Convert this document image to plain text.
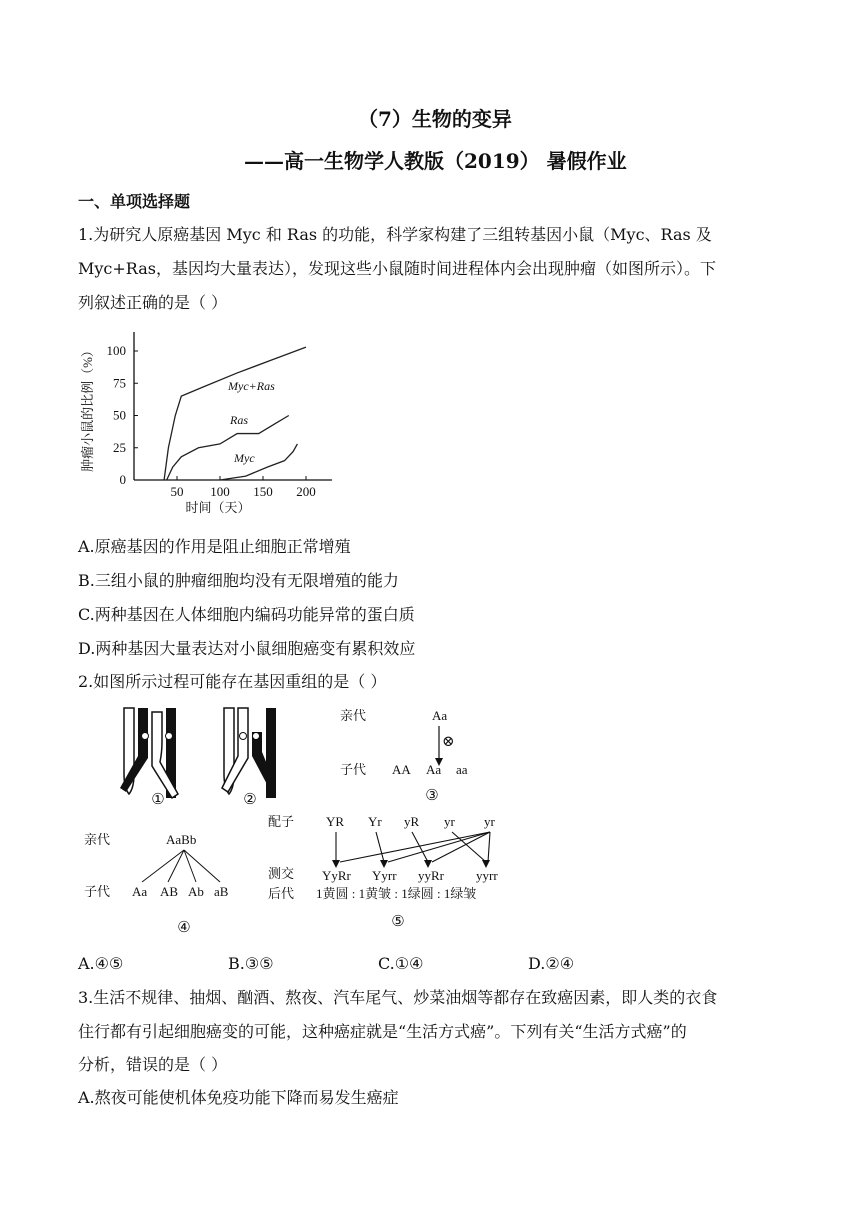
（7）生物的变异
——高一生物学人教版（2019） 暑假作业
一、单项选择题
1.为研究人原癌基因 Myc 和 Ras 的功能，科学家构建了三组转基因小鼠（Myc、Ras 及
Myc+Ras，基因均大量表达），发现这些小鼠随时间进程体内会出现肿瘤（如图所示）。下
列叙述正确的是（ ）
肿瘤小鼠的比例（%） 100
75
50
25
0
50 100 150 200
Myc+Ras
Ras
Myc
时间（天）
A.原癌基因的作用是阻止细胞正常增殖
B.三组小鼠的肿瘤细胞均没有无限增殖的能力
C.两种基因在人体细胞内编码功能异常的蛋白质
D.两种基因大量表达对小鼠细胞癌变有累积效应
2.如图所示过程可能存在基因重组的是（ ）
①	②
亲代	Aa
⊗
子代 AA Aa aa
③
亲代	AaBb
子代 Aa AB Ab aB
④
配子 YR Yr yR yr yr
测交
后代
YyRr Yyrr yyRr yyrr
1黄圆 : 1黄皱 : 1绿圆 : 1绿皱
⑤
A.④⑤	B.③⑤	C.①④	D.②④
3.生活不规律、抽烟、酗酒、熬夜、汽车尾气、炒菜油烟等都存在致癌因素，即人类的衣食
住行都有引起细胞癌变的可能，这种癌症就是“生活方式癌”。下列有关“生活方式癌”的
分析，错误的是（ ）
A.熬夜可能使机体免疫功能下降而易发生癌症
